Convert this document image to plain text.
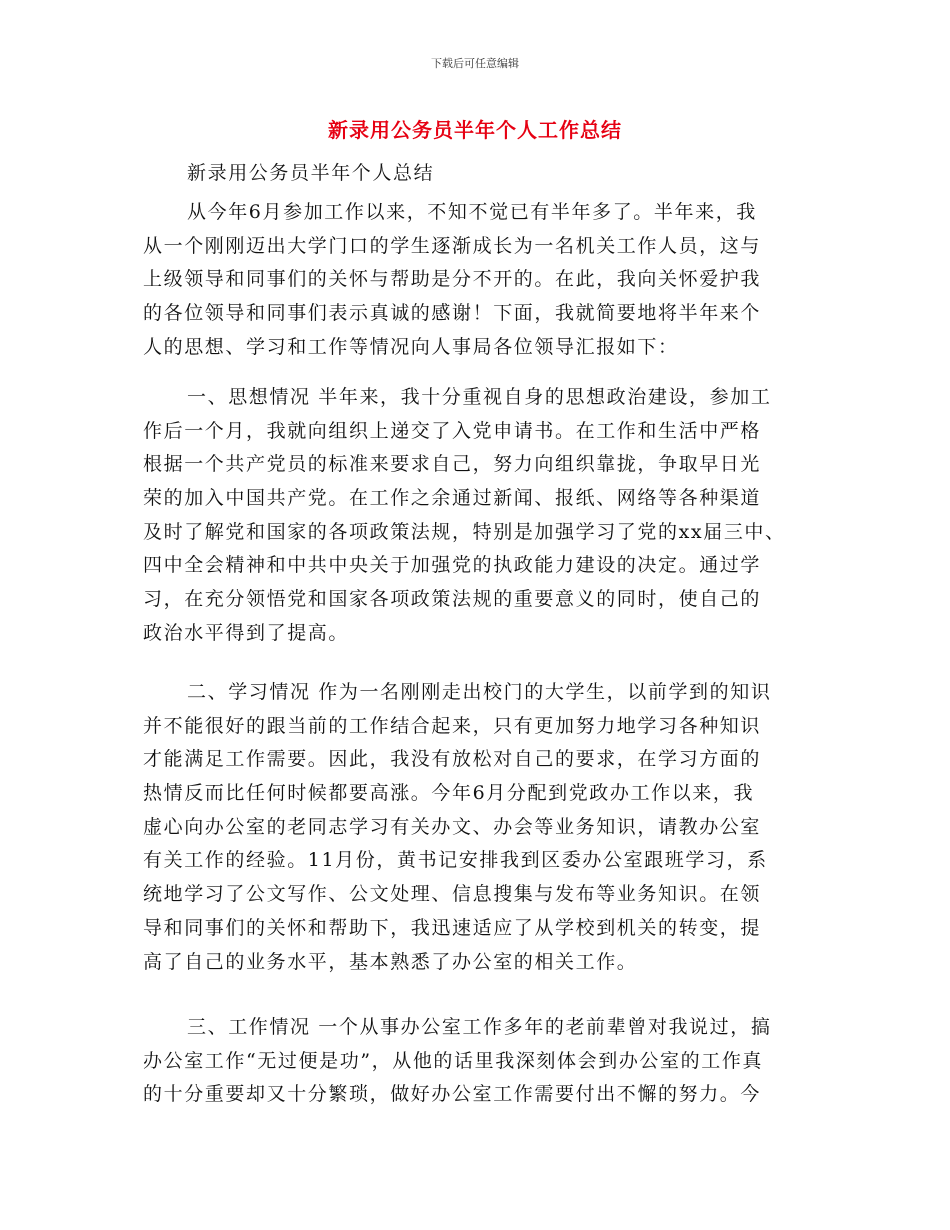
下载后可任意编辑
新录用公务员半年个人工作总结

新录用公务员半年个人总结

从今年6月参加工作以来，不知不觉已有半年多了。半年来，我

从一个刚刚迈出大学门口的学生逐渐成长为一名机关工作人员，这与

上级领导和同事们的关怀与帮助是分不开的。在此，我向关怀爱护我

的各位领导和同事们表示真诚的感谢！下面，我就简要地将半年来个

人的思想、学习和工作等情况向人事局各位领导汇报如下：

一、思想情况 半年来，我十分重视自身的思想政治建设，参加工

作后一个月，我就向组织上递交了入党申请书。在工作和生活中严格

根据一个共产党员的标准来要求自己，努力向组织靠拢，争取早日光

荣的加入中国共产党。在工作之余通过新闻、报纸、网络等各种渠道

及时了解党和国家的各项政策法规，特别是加强学习了党的xx届三中、

四中全会精神和中共中央关于加强党的执政能力建设的决定。通过学

习，在充分领悟党和国家各项政策法规的重要意义的同时，使自己的

政治水平得到了提高。

二、学习情况 作为一名刚刚走出校门的大学生，以前学到的知识

并不能很好的跟当前的工作结合起来，只有更加努力地学习各种知识

才能满足工作需要。因此，我没有放松对自己的要求，在学习方面的

热情反而比任何时候都要高涨。今年6月分配到党政办工作以来，我

虚心向办公室的老同志学习有关办文、办会等业务知识，请教办公室

有关工作的经验。11月份，黄书记安排我到区委办公室跟班学习，系

统地学习了公文写作、公文处理、信息搜集与发布等业务知识。在领

导和同事们的关怀和帮助下，我迅速适应了从学校到机关的转变，提

高了自己的业务水平，基本熟悉了办公室的相关工作。

三、工作情况 一个从事办公室工作多年的老前辈曾对我说过，搞

办公室工作“无过便是功”，从他的话里我深刻体会到办公室的工作真

的十分重要却又十分繁琐，做好办公室工作需要付出不懈的努力。今
